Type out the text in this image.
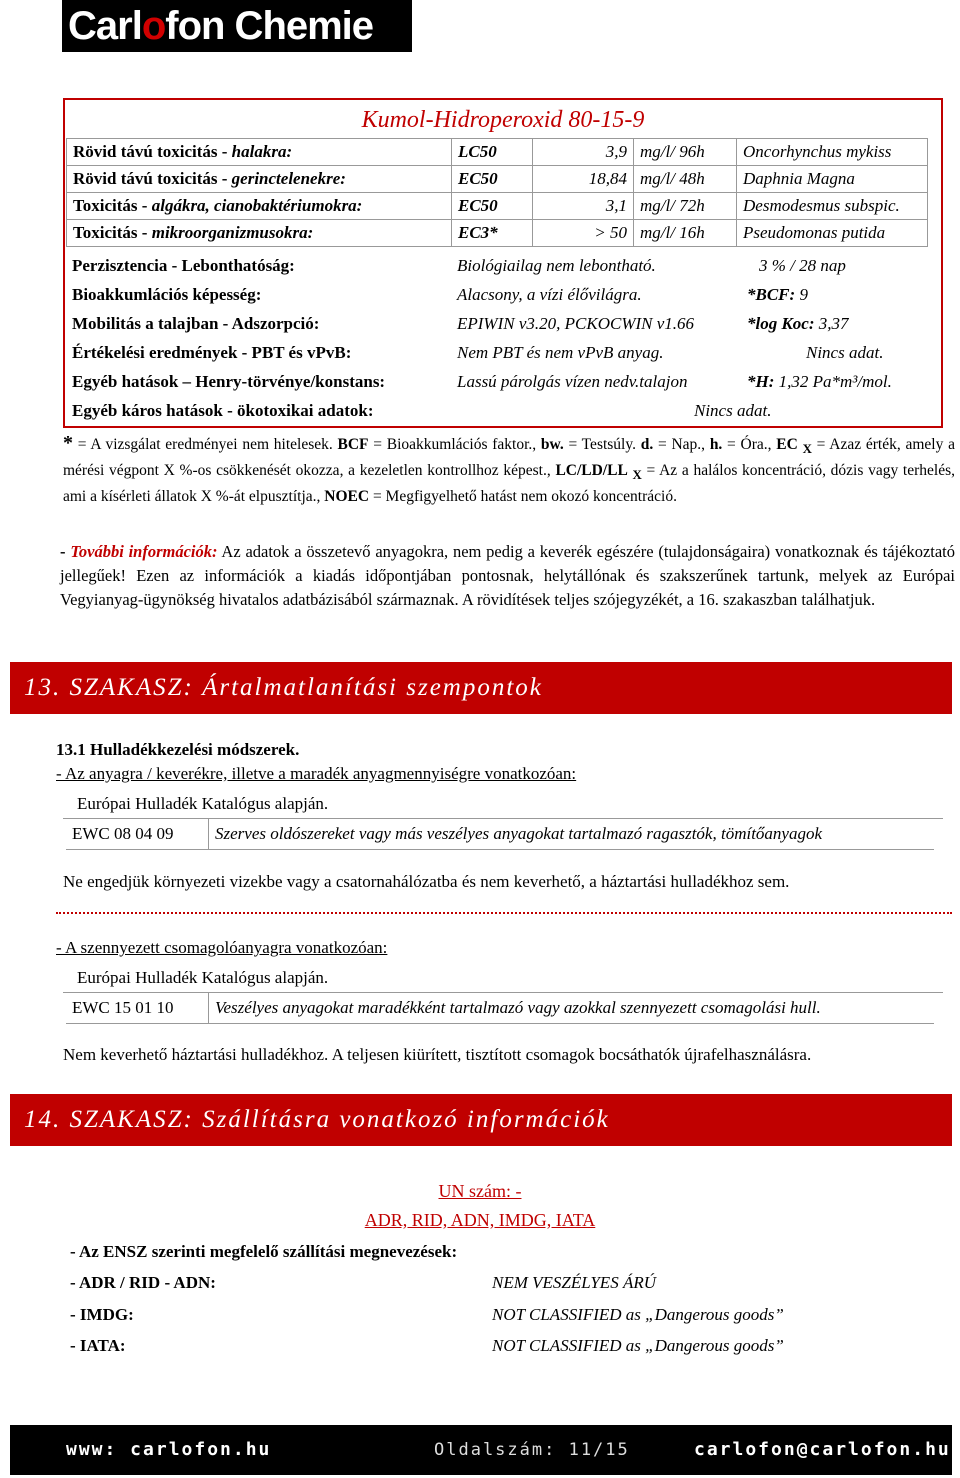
Carlofon Chemie
Kumol-Hidroperoxid 80-15-9
Rövid távú toxicitás - halakra:	LC50	3,9	mg/l/ 96h	Oncorhynchus mykiss
Rövid távú toxicitás - gerinctelenekre:	EC50	18,84	mg/l/ 48h	Daphnia Magna
Toxicitás - algákra, cianobaktériumokra:	EC50	3,1	mg/l/ 72h	Desmodesmus subspic.
Toxicitás - mikroorganizmusokra:	EC3*	> 50	mg/l/ 16h	Pseudomonas putida
Perzisztencia - Lebonthatóság:	Biológiailag nem lebontható.	3 % / 28 nap
Bioakkumlációs képesség:	Alacsony, a vízi élővilágra.	*BCF: 9
Mobilitás a talajban - Adszorpció:	EPIWIN v3.20, PCKOCWIN v1.66	*log Koc: 3,37
Értékelési eredmények - PBT és vPvB:	Nem PBT és nem vPvB anyag.	Nincs adat.
Egyéb hatások – Henry-törvénye/konstans:	Lassú párolgás vízen nedv.talajon	*H: 1,32 Pa*m³/mol.
Egyéb káros hatások - ökotoxikai adatok:	Nincs adat.
* = A vizsgálat eredményei nem hitelesek. BCF = Bioakkumlációs faktor., bw. = Testsúly. d. = Nap., h. = Óra., EC $_X$ = Azaz érték, amely a mérési végpont X %-os csökkenését okozza, a kezeletlen kontrollhoz képest., LC/LD/LL $_X$ = Az a halálos koncentráció, dózis vagy terhelés, ami a kísérleti állatok X %-át elpusztítja., NOEC = Megfigyelhető hatást nem okozó koncentráció.
- További információk: Az adatok a összetevő anyagokra, nem pedig a keverék egészére (tulajdonságaira) vonatkoznak és tájékoztató jellegűek! Ezen az információk a kiadás időpontjában pontosnak, helytállónak és szakszerűnek tartunk, melyek az Európai Vegyianyag-ügynökség hivatalos adatbázisából származnak. A rövidítések teljes szójegyzékét, a 16. szakaszban találhatjuk.
13. SZAKASZ: Ártalmatlanítási szempontok
13.1 Hulladékkezelési módszerek.
- Az anyagra / keverékre, illetve a maradék anyagmennyiségre vonatkozóan:
Európai Hulladék Katalógus alapján.
EWC 08 04 09	Szerves oldószereket vagy más veszélyes anyagokat tartalmazó ragasztók, tömítőanyagok
Ne engedjük környezeti vizekbe vagy a csatornahálózatba és nem keverhető, a háztartási hulladékhoz sem.
- A szennyezett csomagolóanyagra vonatkozóan:
Európai Hulladék Katalógus alapján.
EWC 15 01 10	Veszélyes anyagokat maradékként tartalmazó vagy azokkal szennyezett csomagolási hull.
Nem keverhető háztartási hulladékhoz. A teljesen kiürített, tisztított csomagok bocsáthatók újrafelhasználásra.
14. SZAKASZ: Szállításra vonatkozó információk
UN szám: -
ADR, RID, ADN, IMDG, IATA
- Az ENSZ szerinti megfelelő szállítási megnevezések:
- ADR / RID - ADN:	NEM VESZÉLYES ÁRÚ
- IMDG:	NOT CLASSIFIED as „Dangerous goods”
- IATA:	NOT CLASSIFIED as „Dangerous goods”
www: carlofon.hu	Oldalszám: 11/15	carlofon@carlofon.hu
